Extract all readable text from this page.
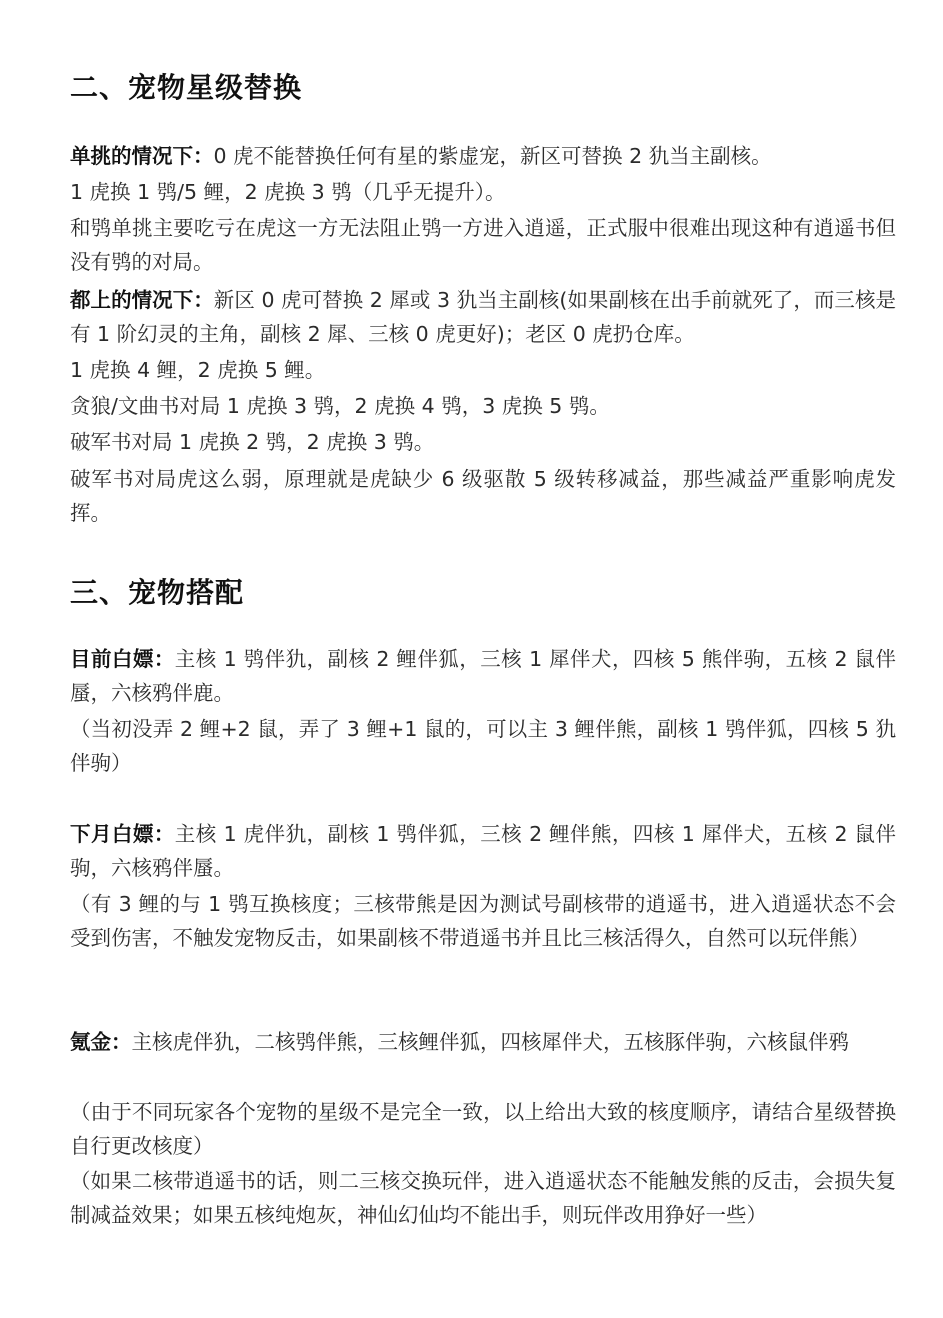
二、宠物星级替换

单挑的情况下：0 虎不能替换任何有星的紫虚宠，新区可替换 2 犰当主副核。

1 虎换 1 鸮/5 鲤，2 虎换 3 鸮（几乎无提升）。

和鸮单挑主要吃亏在虎这一方无法阻止鸮一方进入逍遥，正式服中很难出现这种有逍遥书但没有鸮的对局。

都上的情况下：新区 0 虎可替换 2 犀或 3 犰当主副核(如果副核在出手前就死了，而三核是有 1 阶幻灵的主角，副核 2 犀、三核 0 虎更好)；老区 0 虎扔仓库。

1 虎换 4 鲤，2 虎换 5 鲤。

贪狼/文曲书对局 1 虎换 3 鸮，2 虎换 4 鸮，3 虎换 5 鸮。

破军书对局 1 虎换 2 鸮，2 虎换 3 鸮。

破军书对局虎这么弱，原理就是虎缺少 6 级驱散 5 级转移减益，那些减益严重影响虎发挥。

三、宠物搭配

目前白嫖：主核 1 鸮伴犰，副核 2 鲤伴狐，三核 1 犀伴犬，四核 5 熊伴驹，五核 2 鼠伴蜃，六核鸦伴鹿。

（当初没弄 2 鲤+2 鼠，弄了 3 鲤+1 鼠的，可以主 3 鲤伴熊，副核 1 鸮伴狐，四核 5 犰伴驹）

下月白嫖：主核 1 虎伴犰，副核 1 鸮伴狐，三核 2 鲤伴熊，四核 1 犀伴犬，五核 2 鼠伴驹，六核鸦伴蜃。

（有 3 鲤的与 1 鸮互换核度；三核带熊是因为测试号副核带的逍遥书，进入逍遥状态不会受到伤害，不触发宠物反击，如果副核不带逍遥书并且比三核活得久，自然可以玩伴熊）

氪金：主核虎伴犰，二核鸮伴熊，三核鲤伴狐，四核犀伴犬，五核豚伴驹，六核鼠伴鸦

（由于不同玩家各个宠物的星级不是完全一致，以上给出大致的核度顺序，请结合星级替换自行更改核度）

（如果二核带逍遥书的话，则二三核交换玩伴，进入逍遥状态不能触发熊的反击，会损失复制减益效果；如果五核纯炮灰，神仙幻仙均不能出手，则玩伴改用狰好一些）
